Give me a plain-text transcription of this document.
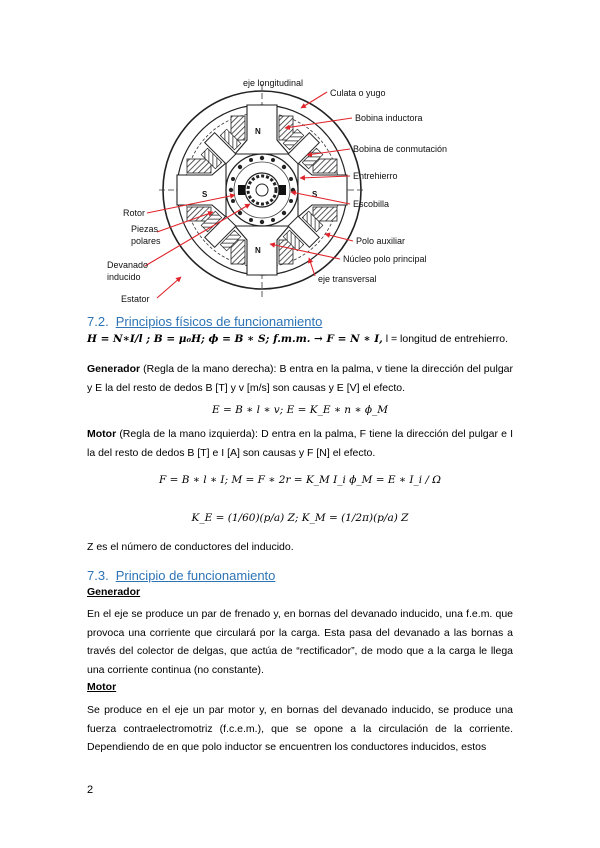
N
N
S	S
eje longitudinal
Culata o yugo
Bobina inductora
Bobina de conmutación
Entrehierro
Escobilla
Polo auxiliar
Núcleo polo principal
eje transversal
Rotor
Piezas
polares
Devanado
inducido
Estator
7.2. Principios físicos de funcionamiento
H = N∗I/l ; B = μ₀H; ϕ = B ∗ S; f.m.m. → F = N ∗ I, l = longitud de entrehierro.
Generador (Regla de la mano derecha): B entra en la palma, v tiene la dirección del pulgar y E la del resto de dedos B [T] y v [m/s] son causas y E [V] el efecto.
E = B ∗ l ∗ v; E = K_E ∗ n ∗ ϕ_M
Motor (Regla de la mano izquierda): D entra en la palma, F tiene la dirección del pulgar e I la del resto de dedos B [T] e I [A] son causas y F [N] el efecto.
F = B ∗ l ∗ I; M = F ∗ 2r = K_M I_i ϕ_M = E ∗ I_i / Ω
K_E = (1/60)(p/a) Z; K_M = (1/2π)(p/a) Z
Z es el número de conductores del inducido.
7.3. Principio de funcionamiento
Generador
En el eje se produce un par de frenado y, en bornas del devanado inducido, una f.e.m. que provoca una corriente que circulará por la carga. Esta pasa del devanado a las bornas a través del colector de delgas, que actúa de “rectificador”, de modo que a la carga le llega una corriente continua (no constante).
Motor
Se produce en el eje un par motor y, en bornas del devanado inducido, se produce una fuerza contraelectromotriz (f.c.e.m.), que se opone a la circulación de la corriente. Dependiendo de en que polo inductor se encuentren los conductores inducidos, estos
2
